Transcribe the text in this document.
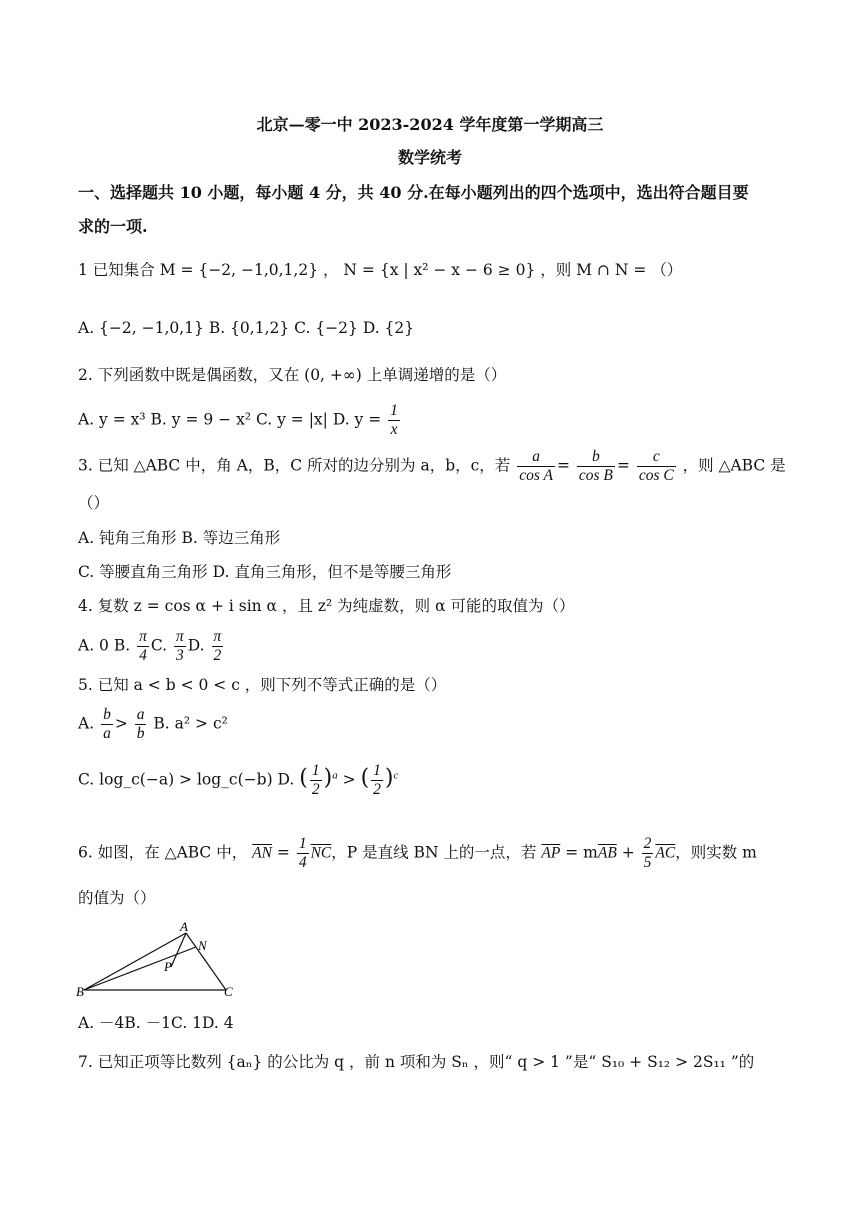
北京—零一中 2023-2024 学年度第一学期高三
数学统考
一、选择题共 10 小题，每小题 4 分，共 40 分.在每小题列出的四个选项中，选出符合题目要
求的一项.
1 已知集合 M = {−2, −1,0,1,2} ， N = {x | x² − x − 6 ≥ 0} ，则 M ∩ N = （）
A. {−2, −1,0,1} B. {0,1,2} C. {−2} D. {2}
2. 下列函数中既是偶函数，又在 (0, +∞) 上单调递增的是（）
A. y = x³ B. y = 9 − x² C. y = |x| D. $y = \frac{1}{x}$
3. 已知 △ABC 中，角 A，B，C 所对的边分别为 a，b，c，若 $\frac{a}{\text{cos A}} = \frac{b}{\text{cos B}} = \frac{c}{\text{cos C}}$ ，则 △ABC 是
（）
A. 钝角三角形 B. 等边三角形
C. 等腰直角三角形 D. 直角三角形，但不是等腰三角形
4. 复数 z = cos α + i sin α ，且 z² 为纯虚数，则 α 可能的取值为（）
A. 0 B. $\frac{\pi}{4} C$. $\frac{\pi}{3} D$. $\frac{\pi}{2}$
5. 已知 a < b < 0 < c ，则下列不等式正确的是（）
A. $\frac{b}{a} > \frac{a}{b} B$. a² > c²
C. log_c(−a) > log_c(−b) D. ( $\frac{1}{2} )^a$ > ( $\frac{1}{2} )^c$
6. 如图，在 △ABC 中， $\overline{AN} = \frac{1}{4} \overline{NC}$，P 是直线 BN 上的一点，若 $\overline{AP} = m\overline{AB} + \frac{2}{5} \overline{AC}$，则实数 m
的值为（）
A
N
P
B	C
A. －4B. －1C. 1D. 4
7. 已知正项等比数列 {aₙ} 的公比为 q ，前 n 项和为 Sₙ ，则“ q > 1 ”是“ S₁₀ + S₁₂ > 2S₁₁ ”的
